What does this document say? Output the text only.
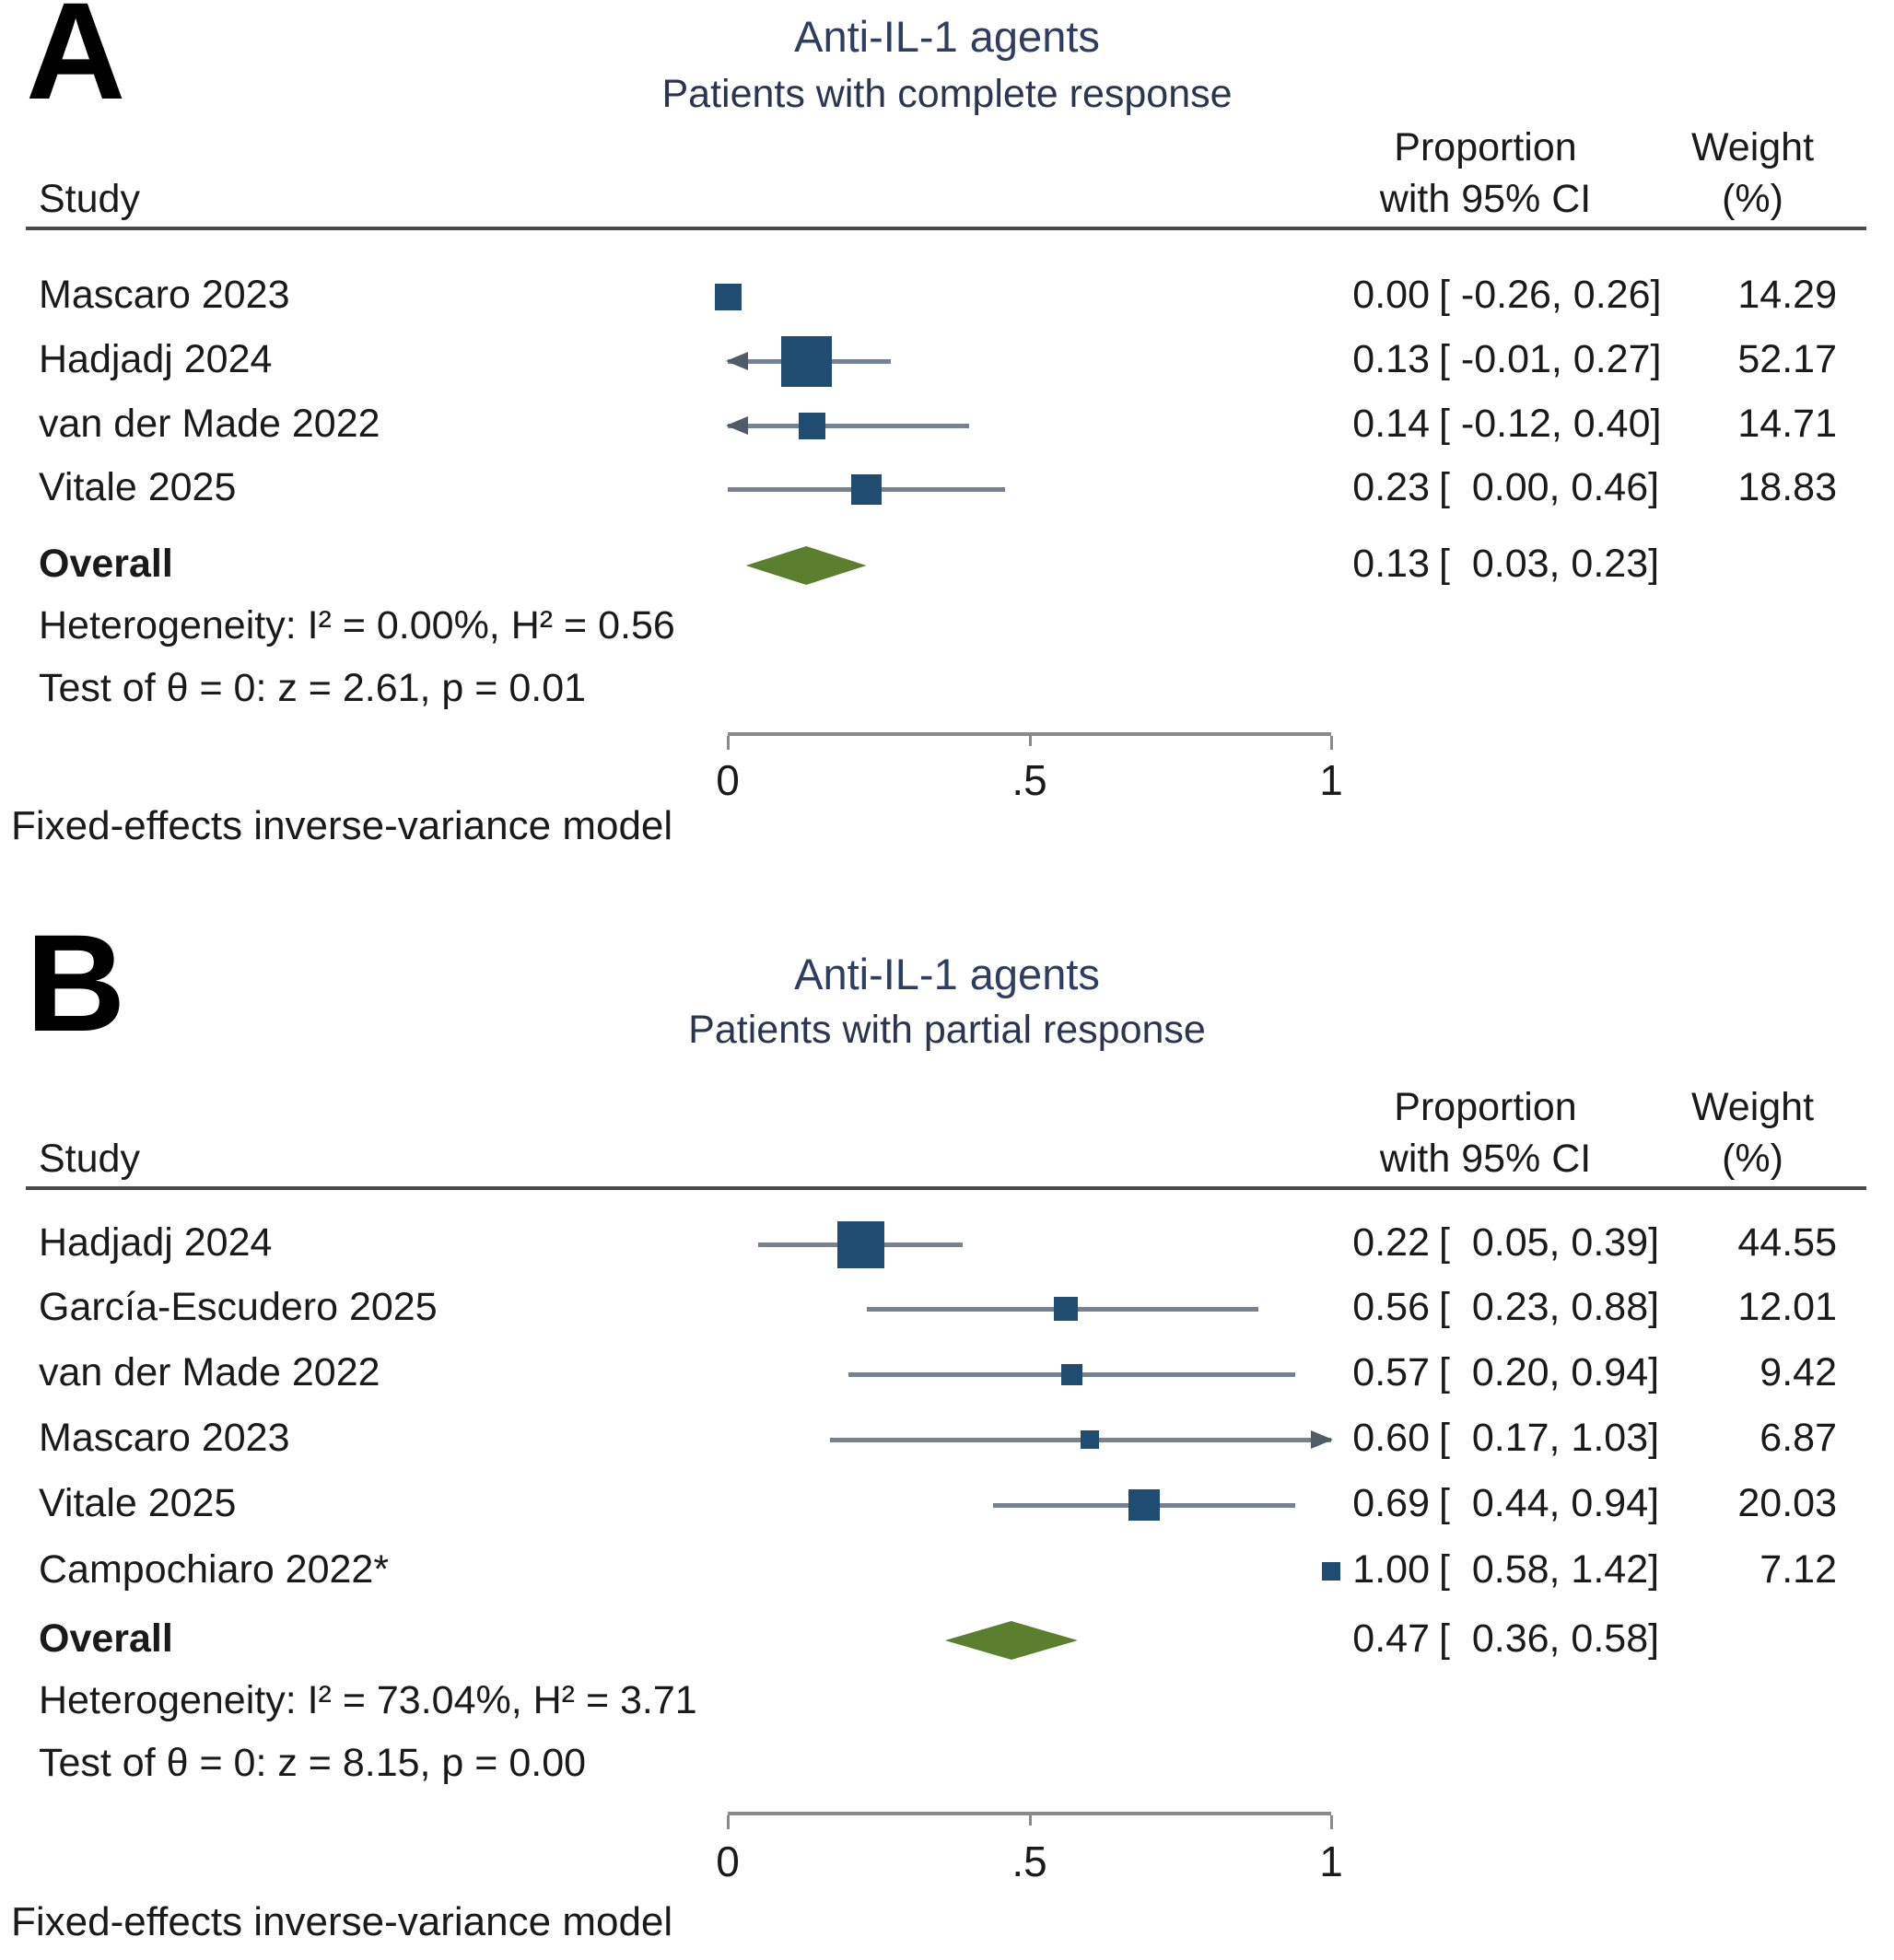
A	Anti-IL-1 agents
Patients with complete response
Proportion
with 95% CI
Weight
(%)
Study
Heterogeneity: I² = 0.00%, H² = 0.56
Test of θ = 0: z = 2.61, p = 0.01
Fixed-effects inverse-variance model
Mascaro 2023	0.00 [ -0.26, 0.26]	14.29
Hadjadj 2024	0.13 [ -0.01, 0.27]	52.17
van der Made 2022	0.14 [ -0.12, 0.40]	14.71
Vitale 2025	0.23 [  0.00, 0.46]	18.83
Overall	0.13 [  0.03, 0.23]
0	.5	1
B	Anti-IL-1 agents
Patients with partial response
Proportion
with 95% CI
Weight
(%)
Study
Heterogeneity: I² = 73.04%, H² = 3.71
Test of θ = 0: z = 8.15, p = 0.00
Fixed-effects inverse-variance model
Hadjadj 2024	0.22 [  0.05, 0.39]	44.55
García-Escudero 2025	0.56 [  0.23, 0.88]	12.01
van der Made 2022	0.57 [  0.20, 0.94]	9.42
Mascaro 2023	0.60 [  0.17, 1.03]	6.87
Vitale 2025	0.69 [  0.44, 0.94]	20.03
Campochiaro 2022*	1.00 [  0.58, 1.42]	7.12
Overall	0.47 [  0.36, 0.58]
0	.5	1
